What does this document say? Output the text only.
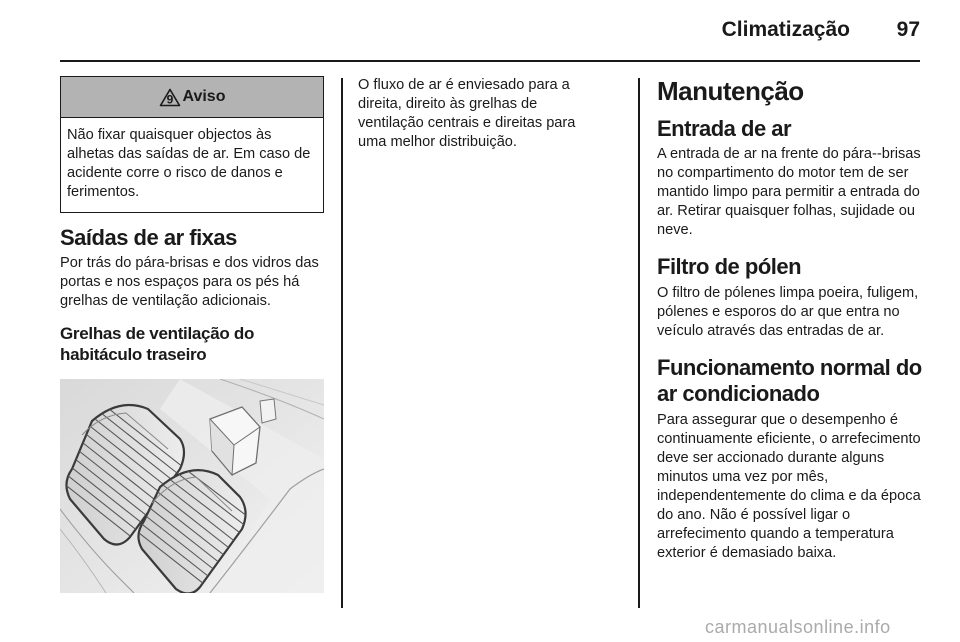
Climatização	97
9 Aviso
Não fixar quaisquer objectos às alhetas das saídas de ar. Em caso de acidente corre o risco de danos e ferimentos.
Saídas de ar fixas

Por trás do pára-brisas e dos vidros das portas e nos espaços para os pés há grelhas de ventilação adicionais.

Grelhas de ventilação do habitáculo traseiro

O fluxo de ar é enviesado para a direita, direito às grelhas de ventilação centrais e direitas para uma melhor distribuição.

Manutenção
Entrada de ar

A entrada de ar na frente do pára--brisas no compartimento do motor tem de ser mantido limpo para permitir a entrada do ar. Retirar quaisquer folhas, sujidade ou neve.

Filtro de pólen

O filtro de pólenes limpa poeira, fuligem, pólenes e esporos do ar que entra no veículo através das entradas de ar.

Funcionamento normal do ar condicionado

Para assegurar que o desempenho é continuamente eficiente, o arrefecimento deve ser accionado durante alguns minutos uma vez por mês, independentemente do clima e da época do ano. Não é possível ligar o arrefecimento quando a temperatura exterior é demasiado baixa.

carmanualsonline.info
